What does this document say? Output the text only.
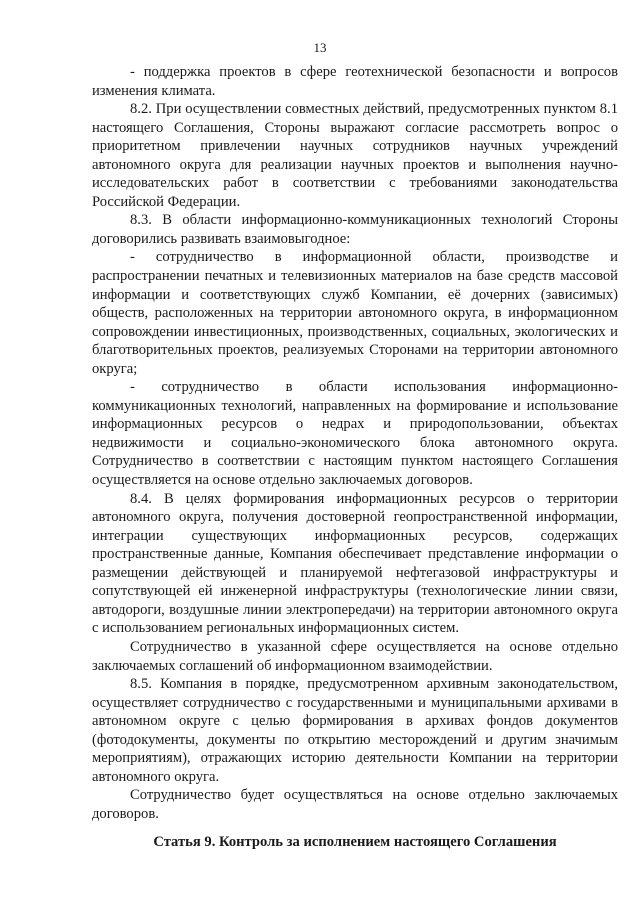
13

- поддержка проектов в сфере геотехнической безопасности и вопросов изменения климата.

8.2. При осуществлении совместных действий, предусмотренных пунктом 8.1 настоящего Соглашения, Стороны выражают согласие рассмотреть вопрос о приоритетном привлечении научных сотрудников научных учреждений автономного округа для реализации научных проектов и выполнения научно-исследовательских работ в соответствии с требованиями законодательства Российской Федерации.

8.3. В области информационно-коммуникационных технологий Стороны договорились развивать взаимовыгодное:

- сотрудничество в информационной области, производстве и распространении печатных и телевизионных материалов на базе средств массовой информации и соответствующих служб Компании, её дочерних (зависимых) обществ, расположенных на территории автономного округа, в информационном сопровождении инвестиционных, производственных, социальных, экологических и благотворительных проектов, реализуемых Сторонами на территории автономного округа;

- сотрудничество в области использования информационно-коммуникационных технологий, направленных на формирование и использование информационных ресурсов о недрах и природопользовании, объектах недвижимости и социально-экономического блока автономного округа. Сотрудничество в соответствии с настоящим пунктом настоящего Соглашения осуществляется на основе отдельно заключаемых договоров.

8.4. В целях формирования информационных ресурсов о территории автономного округа, получения достоверной геопространственной информации, интеграции существующих информационных ресурсов, содержащих пространственные данные, Компания обеспечивает представление информации о размещении действующей и планируемой нефтегазовой инфраструктуры и сопутствующей ей инженерной инфраструктуры (технологические линии связи, автодороги, воздушные линии электропередачи) на территории автономного округа с использованием региональных информационных систем.

Сотрудничество в указанной сфере осуществляется на основе отдельно заключаемых соглашений об информационном взаимодействии.

8.5. Компания в порядке, предусмотренном архивным законодательством, осуществляет сотрудничество с государственными и муниципальными архивами в автономном округе с целью формирования в архивах фондов документов (фотодокументы, документы по открытию месторождений и другим значимым мероприятиям), отражающих историю деятельности Компании на территории автономного округа.

Сотрудничество будет осуществляться на основе отдельно заключаемых договоров.

Статья 9. Контроль за исполнением настоящего Соглашения
